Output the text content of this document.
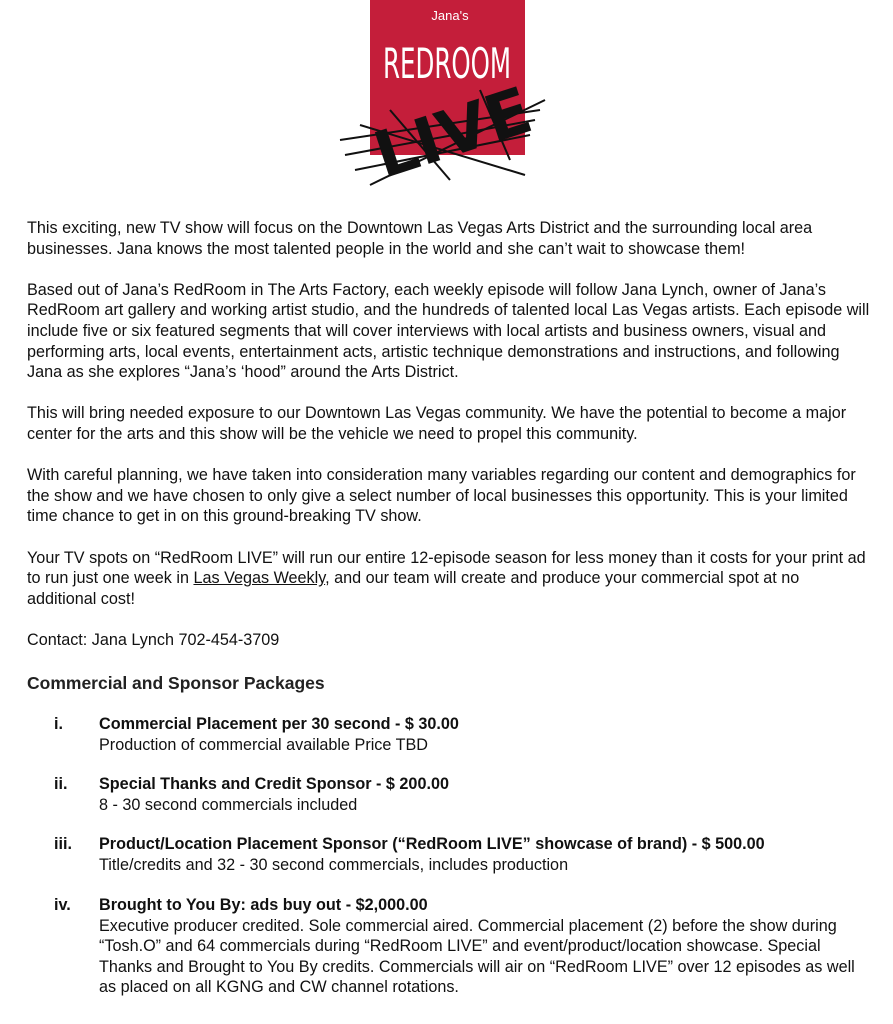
Jana's
REDROOM
LIVE

This exciting, new TV show will focus on the Downtown Las Vegas Arts District and the surrounding local area businesses. Jana knows the most talented people in the world and she can’t wait to showcase them!

Based out of Jana’s RedRoom in The Arts Factory, each weekly episode will follow Jana Lynch, owner of Jana’s RedRoom art gallery and working artist studio, and the hundreds of talented local Las Vegas artists. Each episode will include five or six featured segments that will cover interviews with local artists and business owners, visual and performing arts, local events, entertainment acts, artistic technique demonstrations and instructions, and following Jana as she explores “Jana’s ‘hood” around the Arts District.

This will bring needed exposure to our Downtown Las Vegas community. We have the potential to become a major center for the arts and this show will be the vehicle we need to propel this community.

With careful planning, we have taken into consideration many variables regarding our content and demographics for the show and we have chosen to only give a select number of local businesses this opportunity. This is your limited time chance to get in on this ground-breaking TV show.

Your TV spots on “RedRoom LIVE” will run our entire 12-episode season for less money than it costs for your print ad to run just one week in Las Vegas Weekly, and our team will create and produce your commercial spot at no additional cost!

Contact: Jana Lynch 702-454-3709

Commercial and Sponsor Packages
i. Commercial Placement per 30 second - $ 30.00
Production of commercial available Price TBD
ii. Special Thanks and Credit Sponsor - $ 200.00
8 - 30 second commercials included
iii. Product/Location Placement Sponsor (“RedRoom LIVE” showcase of brand) - $ 500.00
Title/credits and 32 - 30 second commercials, includes production
iv. Brought to You By: ads buy out - $2,000.00
Executive producer credited. Sole commercial aired. Commercial placement (2) before the show during “Tosh.O” and 64 commercials during “RedRoom LIVE” and event/product/location showcase. Special Thanks and Brought to You By credits. Commercials will air on “RedRoom LIVE” over 12 episodes as well as placed on all KGNG and CW channel rotations.
